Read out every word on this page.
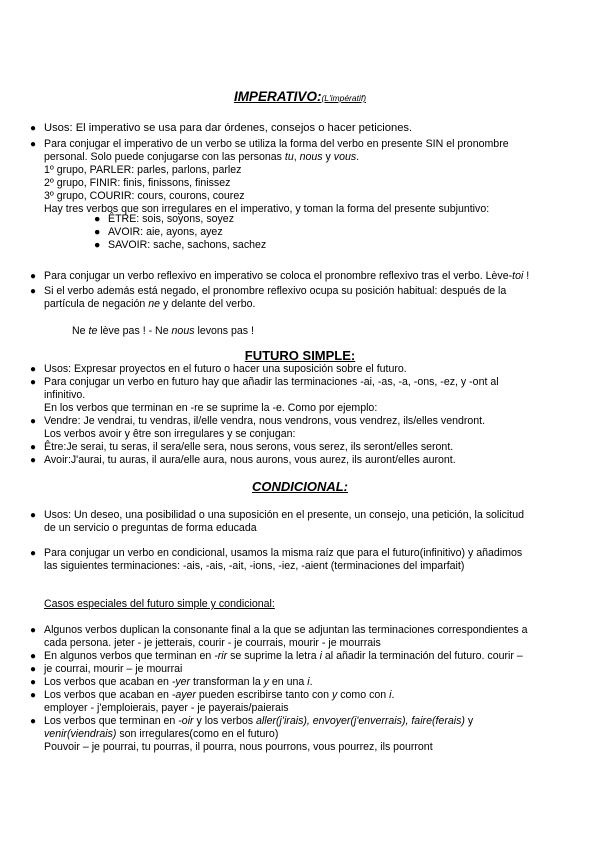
IMPERATIVO:(L'impératif)
● Usos: El imperativo se usa para dar órdenes, consejos o hacer peticiones.
● Para conjugar el imperativo de un verbo se utiliza la forma del verbo en presente SIN el pronombre
personal. Solo puede conjugarse con las personas tu, nous y vous.
1º grupo, PARLER: parles, parlons, parlez
2º grupo, FINIR: finis, finissons, finissez
3º grupo, COURIR: cours, courons, courez
Hay tres verbos que son irregulares en el imperativo, y toman la forma del presente subjuntivo:
● ÊTRE: sois, soyons, soyez
● AVOIR: aie, ayons, ayez
● SAVOIR: sache, sachons, sachez
● Para conjugar un verbo reflexivo en imperativo se coloca el pronombre reflexivo tras el verbo. Lève-toi !
● Si el verbo además está negado, el pronombre reflexivo ocupa su posición habitual: después de la
partícula de negación ne y delante del verbo.
Ne te lève pas ! - Ne nous levons pas !
FUTURO SIMPLE:
● Usos: Expresar proyectos en el futuro o hacer una suposición sobre el futuro.
● Para conjugar un verbo en futuro hay que añadir las terminaciones -ai, -as, -a, -ons, -ez, y -ont al
infinitivo.
En los verbos que terminan en -re se suprime la -e. Como por ejemplo:
● Vendre: Je vendrai, tu vendras, il/elle vendra, nous vendrons, vous vendrez, ils/elles vendront.
Los verbos avoir y être son irregulares y se conjugan:
● Être:Je serai, tu seras, il sera/elle sera, nous serons, vous serez, ils seront/elles seront.
● Avoir:J'aurai, tu auras, il aura/elle aura, nous aurons, vous aurez, ils auront/elles auront.
CONDICIONAL:
● Usos: Un deseo, una posibilidad o una suposición en el presente, un consejo, una petición, la solicitud
de un servicio o preguntas de forma educada
● Para conjugar un verbo en condicional, usamos la misma raíz que para el futuro(infinitivo) y añadimos
las siguientes terminaciones: -ais, -ais, -ait, -ions, -iez, -aient (terminaciones del imparfait)
Casos especiales del futuro simple y condicional:
● Algunos verbos duplican la consonante final a la que se adjuntan las terminaciones correspondientes a
cada persona. jeter - je jetterais, courir - je courrais, mourir - je mourrais
● En algunos verbos que terminan en -rir se suprime la letra i al añadir la terminación del futuro. courir –
● je courrai, mourir – je mourrai
● Los verbos que acaban en -yer transforman la y en una i.
● Los verbos que acaban en -ayer pueden escribirse tanto con y como con i.
employer - j'emploierais, payer - je payerais/paierais
● Los verbos que terminan en -oir y los verbos aller(j'irais), envoyer(j'enverrais), faire(ferais) y
venir(viendrais) son irregulares(como en el futuro)
Pouvoir – je pourrai, tu pourras, il pourra, nous pourrons, vous pourrez, ils pourront
